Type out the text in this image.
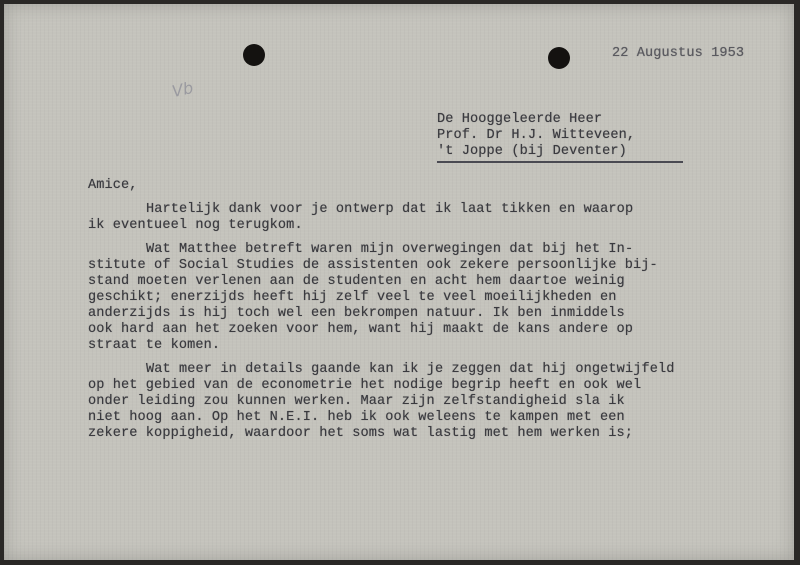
22 Augustus 1953
Vb
De Hooggeleerde Heer
Prof. Dr H.J. Witteveen,
't Joppe (bij Deventer)
Amice,
Hartelijk dank voor je ontwerp dat ik laat tikken en waarop
ik eventueel nog terugkom.
Wat Matthee betreft waren mijn overwegingen dat bij het In-
stitute of Social Studies de assistenten ook zekere persoonlijke bij-
stand moeten verlenen aan de studenten en acht hem daartoe weinig
geschikt; enerzijds heeft hij zelf veel te veel moeilijkheden en
anderzijds is hij toch wel een bekrompen natuur. Ik ben inmiddels
ook hard aan het zoeken voor hem, want hij maakt de kans andere op
straat te komen.
Wat meer in details gaande kan ik je zeggen dat hij ongetwijfeld
op het gebied van de econometrie het nodige begrip heeft en ook wel
onder leiding zou kunnen werken. Maar zijn zelfstandigheid sla ik
niet hoog aan. Op het N.E.I. heb ik ook weleens te kampen met een
zekere koppigheid, waardoor het soms wat lastig met hem werken is;
